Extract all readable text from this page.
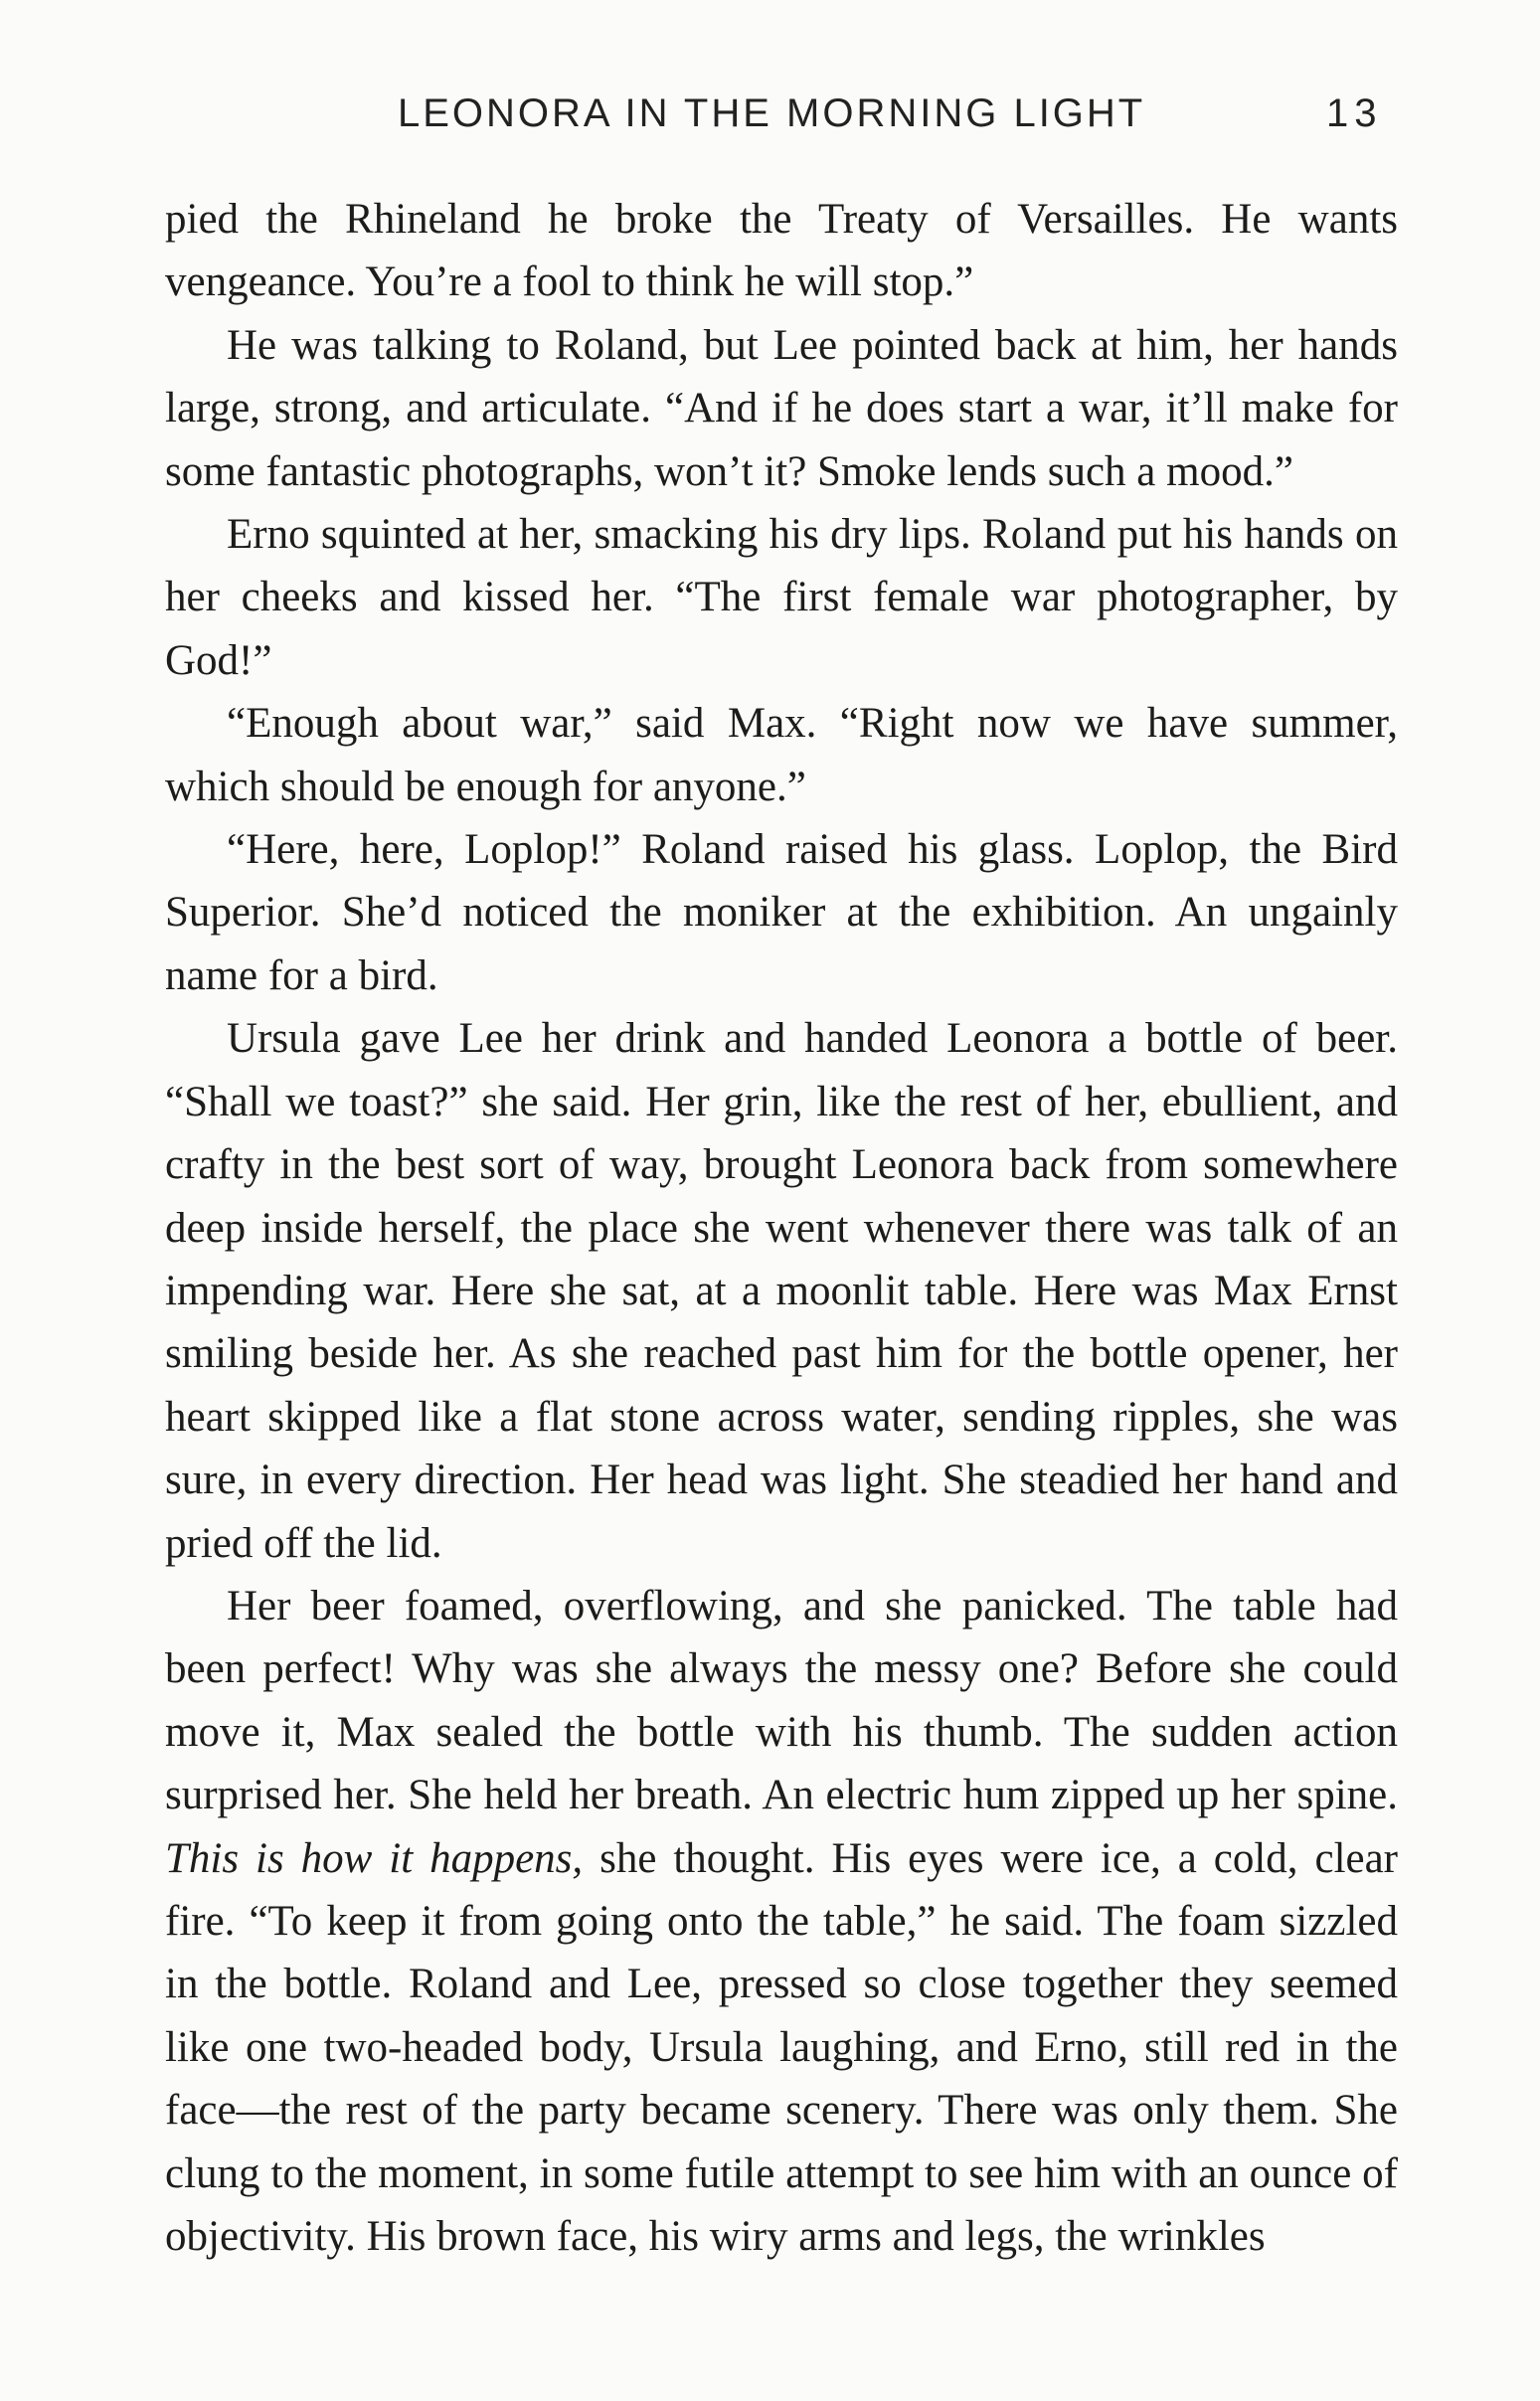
LEONORA IN THE MORNING LIGHT	13

pied the Rhineland he broke the Treaty of Versailles. He wants vengeance. You’re a fool to think he will stop.”

He was talking to Roland, but Lee pointed back at him, her hands large, strong, and articulate. “And if he does start a war, it’ll make for some fantastic photographs, won’t it? Smoke lends such a mood.”

Erno squinted at her, smacking his dry lips. Roland put his hands on her cheeks and kissed her. “The first female war photographer, by God!”

“Enough about war,” said Max. “Right now we have summer, which should be enough for anyone.”

“Here, here, Loplop!” Roland raised his glass. Loplop, the Bird Superior. She’d noticed the moniker at the exhibition. An ungainly name for a bird.

Ursula gave Lee her drink and handed Leonora a bottle of beer. “Shall we toast?” she said. Her grin, like the rest of her, ebullient, and crafty in the best sort of way, brought Leonora back from somewhere deep inside herself, the place she went whenever there was talk of an impending war. Here she sat, at a moonlit table. Here was Max Ernst smiling beside her. As she reached past him for the bottle opener, her heart skipped like a flat stone across water, sending ripples, she was sure, in every direction. Her head was light. She steadied her hand and pried off the lid.

Her beer foamed, overflowing, and she panicked. The table had been perfect! Why was she always the messy one? Before she could move it, Max sealed the bottle with his thumb. The sudden action surprised her. She held her breath. An electric hum zipped up her spine. This is how it happens, she thought. His eyes were ice, a cold, clear fire. “To keep it from going onto the table,” he said. The foam sizzled in the bottle. Roland and Lee, pressed so close together they seemed like one two-headed body, Ursula laughing, and Erno, still red in the face—the rest of the party became scenery. There was only them. She clung to the moment, in some futile attempt to see him with an ounce of objectivity. His brown face, his wiry arms and legs, the wrinkles
